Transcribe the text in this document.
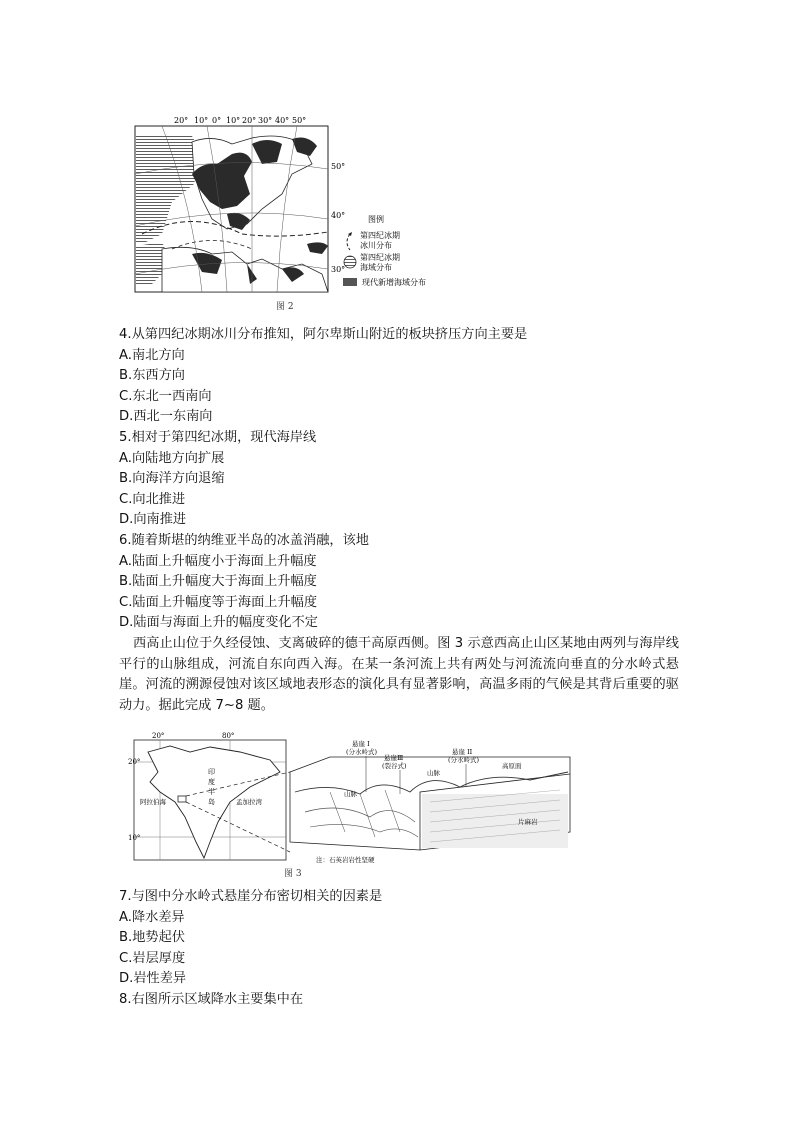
20° 10° 0° 10° 20° 30° 40° 50°
50°
40°
30°
图例
第四纪冰期
冰川分布
第四纪冰期
海域分布
现代新增海域分布
图 2
4.从第四纪冰期冰川分布推知，阿尔卑斯山附近的板块挤压方向主要是
A.南北方向
B.东西方向
C.东北一西南向
D.西北一东南向
5.相对于第四纪冰期，现代海岸线
A.向陆地方向扩展
B.向海洋方向退缩
C.向北推进
D.向南推进
6.随着斯堪的纳维亚半岛的冰盖消融，该地
A.陆面上升幅度小于海面上升幅度
B.陆面上升幅度大于海面上升幅度
C.陆面上升幅度等于海面上升幅度
D.陆面与海面上升的幅度变化不定
西高止山位于久经侵蚀、支离破碎的德干高原西侧。图 3 示意西高止山区某地由两列与海岸线平行的山脉组成，河流自东向西入海。在某一条河流上共有两处与河流流向垂直的分水岭式悬崖。河流的溯源侵蚀对该区域地表形态的演化具有显著影响，高温多雨的气候是其背后重要的驱动力。据此完成 7~8 题。
20°	80°
20°
10°
印
度
半
岛
阿拉伯海	孟加拉湾
悬崖 I
(分水岭式)
悬崖Ⅲ
(裂谷式)
悬崖 II
(分水岭式)
山脉
山脉
高原面
片麻岩
注：石英岩岩性坚硬
图 3
7.与图中分水岭式悬崖分布密切相关的因素是
A.降水差异
B.地势起伏
C.岩层厚度
D.岩性差异
8.右图所示区域降水主要集中在
